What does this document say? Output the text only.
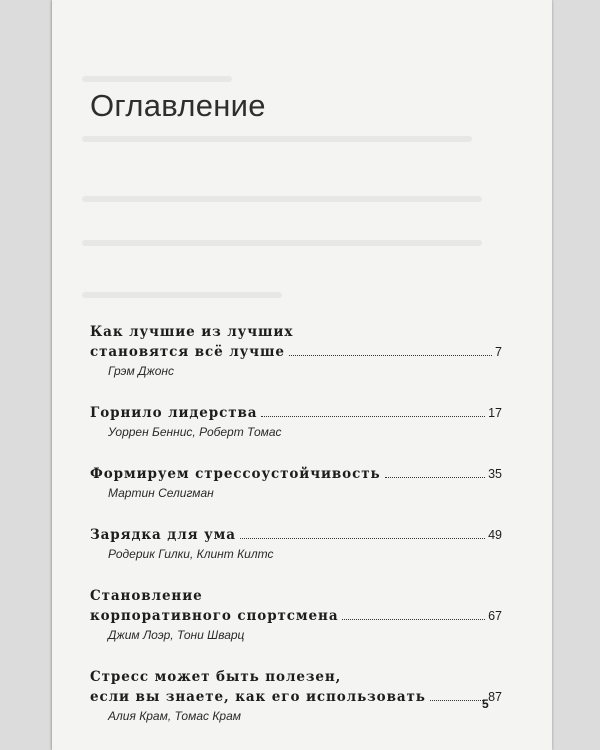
Оглавление
Как лучшие из лучших
становятся всё лучше	7
Грэм Джонс
Горнило лидерства	17
Уоррен Беннис, Роберт Томас
Формируем стрессоустойчивость	35
Мартин Селигман
Зарядка для ума	49
Родерик Гилки, Клинт Килтс
Становление
корпоративного спортсмена	67
Джим Лоэр, Тони Шварц
Стресс может быть полезен,
если вы знаете, как его использовать	87
Алия Крам, Томас Крам
5
